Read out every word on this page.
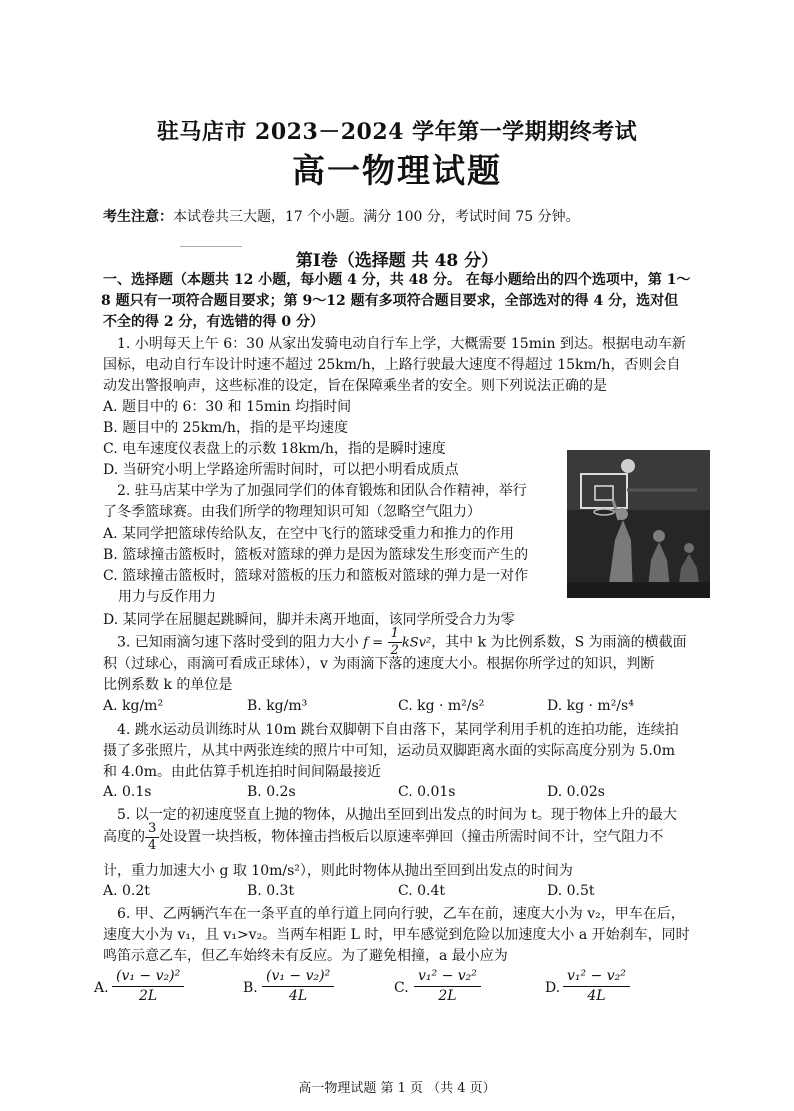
驻马店市 2023－2024 学年第一学期期终考试
高一物理试题
考生注意：本试卷共三大题，17 个小题。满分 100 分，考试时间 75 分钟。
第Ⅰ卷（选择题 共 48 分）
一、选择题（本题共 12 小题，每小题 4 分，共 48 分。 在每小题给出的四个选项中，第 1～
8 题只有一项符合题目要求；第 9～12 题有多项符合题目要求，全部选对的得 4 分，选对但
不全的得 2 分，有选错的得 0 分）
1. 小明每天上午 6：30 从家出发骑电动自行车上学，大概需要 15min 到达。根据电动车新
国标，电动自行车设计时速不超过 25km/h，上路行驶最大速度不得超过 15km/h，否则会自
动发出警报响声，这些标准的设定，旨在保障乘坐者的安全。则下列说法正确的是
A. 题目中的 6：30 和 15min 均指时间
B. 题目中的 25km/h，指的是平均速度
C. 电车速度仪表盘上的示数 18km/h，指的是瞬时速度
D. 当研究小明上学路途所需时间时，可以把小明看成质点
2. 驻马店某中学为了加强同学们的体育锻炼和团队合作精神，举行
了冬季篮球赛。由我们所学的物理知识可知（忽略空气阻力）
A. 某同学把篮球传给队友，在空中飞行的篮球受重力和推力的作用
B. 篮球撞击篮板时，篮板对篮球的弹力是因为篮球发生形变而产生的
C. 篮球撞击篮板时，篮球对篮板的压力和篮板对篮球的弹力是一对作
用力与反作用力
D. 某同学在屈腿起跳瞬间，脚并未离开地面，该同学所受合力为零
3. 已知雨滴匀速下落时受到的阻力大小 $f = \frac{1}{2} kSv^2$，其中 k 为比例系数，S 为雨滴的横截面
积（过球心，雨滴可看成正球体），v 为雨滴下落的速度大小。根据你所学过的知识，判断
比例系数 k 的单位是
A. kg/m²	B. kg/m³	C. kg · m²/s²	D. kg · m²/s⁴
4. 跳水运动员训练时从 10m 跳台双脚朝下自由落下，某同学利用手机的连拍功能，连续拍
摄了多张照片，从其中两张连续的照片中可知，运动员双脚距离水面的实际高度分别为 5.0m
和 4.0m。由此估算手机连拍时间间隔最接近
A. 0.1s	B. 0.2s	C. 0.01s	D. 0.02s
5. 以一定的初速度竖直上抛的物体，从抛出至回到出发点的时间为 t。现于物体上升的最大
高度的 $\frac{3}{4}$ 处设置一块挡板，物体撞击挡板后以原速率弹回（撞击所需时间不计，空气阻力不
计，重力加速大小 g 取 10m/s²），则此时物体从抛出至回到出发点的时间为
A. 0.2t	B. 0.3t	C. 0.4t	D. 0.5t
6. 甲、乙两辆汽车在一条平直的单行道上同向行驶，乙车在前，速度大小为 v₂，甲车在后，
速度大小为 v₁，且 v₁>v₂。当两车相距 L 时，甲车感觉到危险以加速度大小 a 开始刹车，同时
鸣笛示意乙车，但乙车始终未有反应。为了避免相撞，a 最小应为
A. $\frac{\text{(v₁ − v₂)²}}{2L}$	B. $\frac{\text{(v₁ − v₂)²}}{4L}$	C. $\frac{\text{v₁² − v₂²}}{2L}$	D. $\frac{\text{v₁² − v₂²}}{4L}$
高一物理试题 第 1 页 （共 4 页）
